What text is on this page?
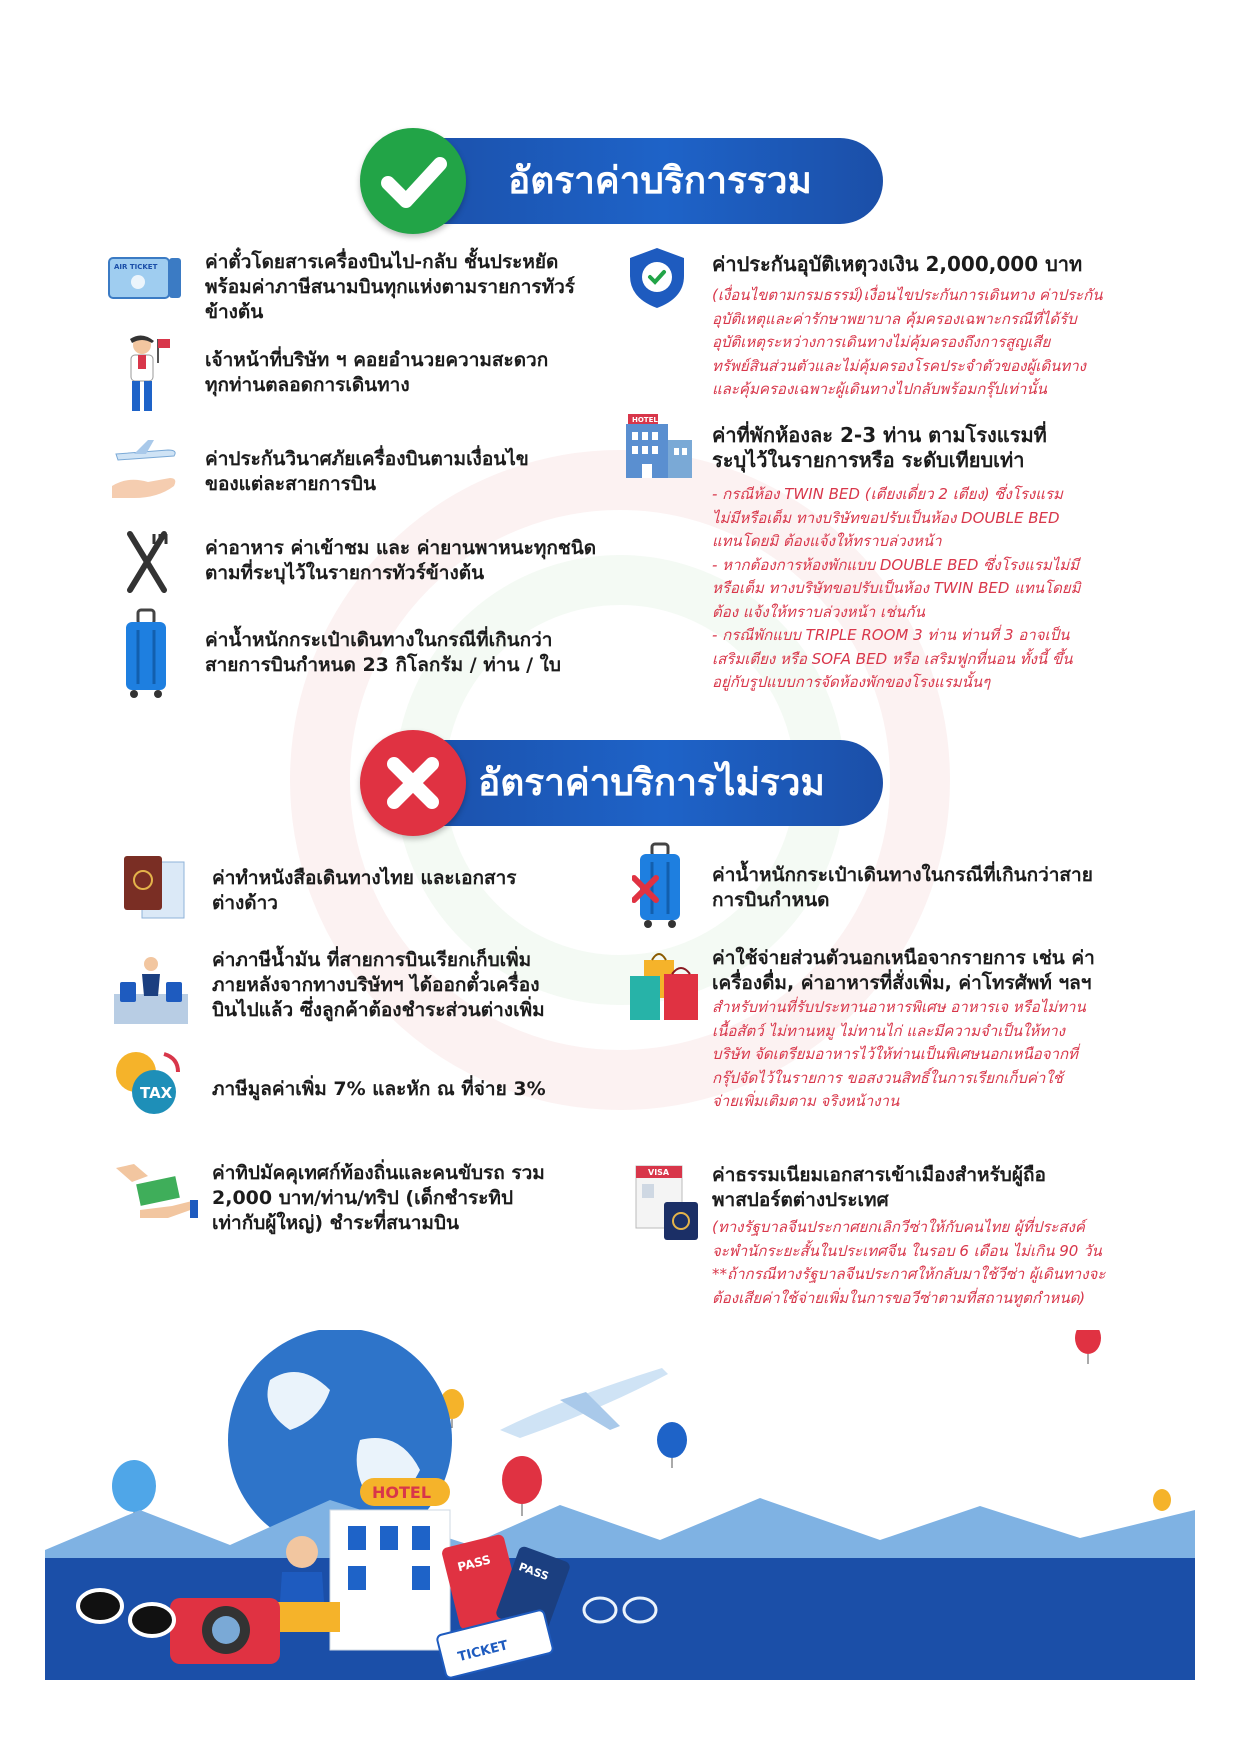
อัตราค่าบริการรวม
AIR TICKET	ค่าตั๋วโดยสารเครื่องบินไป-กลับ ชั้นประหยัด
พร้อมค่าภาษีสนามบินทุกแห่งตามรายการทัวร์
ข้างต้น
เจ้าหน้าที่บริษัท ฯ คอยอำนวยความสะดวก
ทุกท่านตลอดการเดินทาง
ค่าประกันวินาศภัยเครื่องบินตามเงื่อนไข
ของแต่ละสายการบิน
ค่าอาหาร ค่าเข้าชม และ ค่ายานพาหนะทุกชนิด
ตามที่ระบุไว้ในรายการทัวร์ข้างต้น
ค่าน้ำหนักกระเป๋าเดินทางในกรณีที่เกินกว่า
สายการบินกำหนด 23 กิโลกรัม / ท่าน / ใบ
ค่าประกันอุบัติเหตุวงเงิน 2,000,000 บาท
(เงื่อนไขตามกรมธรรม์)เงื่อนไขประกันการเดินทาง ค่าประกัน
อุบัติเหตุและค่ารักษาพยาบาล คุ้มครองเฉพาะกรณีที่ได้รับ
อุบัติเหตุระหว่างการเดินทางไม่คุ้มครองถึงการสูญเสีย
ทรัพย์สินส่วนตัวและไม่คุ้มครองโรคประจำตัวของผู้เดินทาง
และคุ้มครองเฉพาะผู้เดินทางไปกลับพร้อมกรุ๊ปเท่านั้น
HOTEL
ค่าที่พักห้องละ 2-3 ท่าน ตามโรงแรมที่
ระบุไว้ในรายการหรือ ระดับเทียบเท่า
- กรณีห้อง TWIN BED (เตียงเดี่ยว 2 เตียง) ซึ่งโรงแรม
ไม่มีหรือเต็ม ทางบริษัทขอปรับเป็นห้อง DOUBLE BED
แทนโดยมิ ต้องแจ้งให้ทราบล่วงหน้า
- หากต้องการห้องพักแบบ DOUBLE BED ซึ่งโรงแรมไม่มี
หรือเต็ม ทางบริษัทขอปรับเป็นห้อง TWIN BED แทนโดยมิ
ต้อง แจ้งให้ทราบล่วงหน้า เช่นกัน
- กรณีพักแบบ TRIPLE ROOM 3 ท่าน ท่านที่ 3 อาจเป็น
เสริมเตียง หรือ SOFA BED หรือ เสริมฟูกที่นอน ทั้งนี้ ขึ้น
อยู่กับรูปแบบการจัดห้องพักของโรงแรมนั้นๆ
อัตราค่าบริการไม่รวม
ค่าทำหนังสือเดินทางไทย และเอกสาร
ต่างด้าว
ค่าภาษีน้ำมัน ที่สายการบินเรียกเก็บเพิ่ม
ภายหลังจากทางบริษัทฯ ได้ออกตั๋วเครื่อง
บินไปแล้ว ซึ่งลูกค้าต้องชำระส่วนต่างเพิ่ม
TAX ภาษีมูลค่าเพิ่ม 7% และหัก ณ ที่จ่าย 3%
ค่าทิปมัคคุเทศก์ท้องถิ่นและคนขับรถ รวม
2,000 บาท/ท่าน/ทริป (เด็กชำระทิป
เท่ากับผู้ใหญ่) ชำระที่สนามบิน
ค่าน้ำหนักกระเป๋าเดินทางในกรณีที่เกินกว่าสาย
การบินกำหนด
ค่าใช้จ่ายส่วนตัวนอกเหนือจากรายการ เช่น ค่า
เครื่องดื่ม, ค่าอาหารที่สั่งเพิ่ม, ค่าโทรศัพท์ ฯลฯ
สำหรับท่านที่รับประทานอาหารพิเศษ อาหารเจ หรือไม่ทาน
เนื้อสัตว์ ไม่ทานหมู ไม่ทานไก่ และมีความจำเป็นให้ทาง
บริษัท จัดเตรียมอาหารไว้ให้ท่านเป็นพิเศษนอกเหนือจากที่
กรุ๊ปจัดไว้ในรายการ ขอสงวนสิทธิ์ในการเรียกเก็บค่าใช้
จ่ายเพิ่มเติมตาม จริงหน้างาน
VISA ค่าธรรมเนียมเอกสารเข้าเมืองสำหรับผู้ถือ
พาสปอร์ตต่างประเทศ
(ทางรัฐบาลจีนประกาศยกเลิกวีซ่าให้กับคนไทย ผู้ที่ประสงค์
จะพำนักระยะสั้นในประเทศจีน ในรอบ 6 เดือน ไม่เกิน 90 วัน
**ถ้ากรณีทางรัฐบาลจีนประกาศให้กลับมาใช้วีซ่า ผู้เดินทางจะ
ต้องเสียค่าใช้จ่ายเพิ่มในการขอวีซ่าตามที่สถานทูตกำหนด)
HOTEL
PASS PASS
TICKET
